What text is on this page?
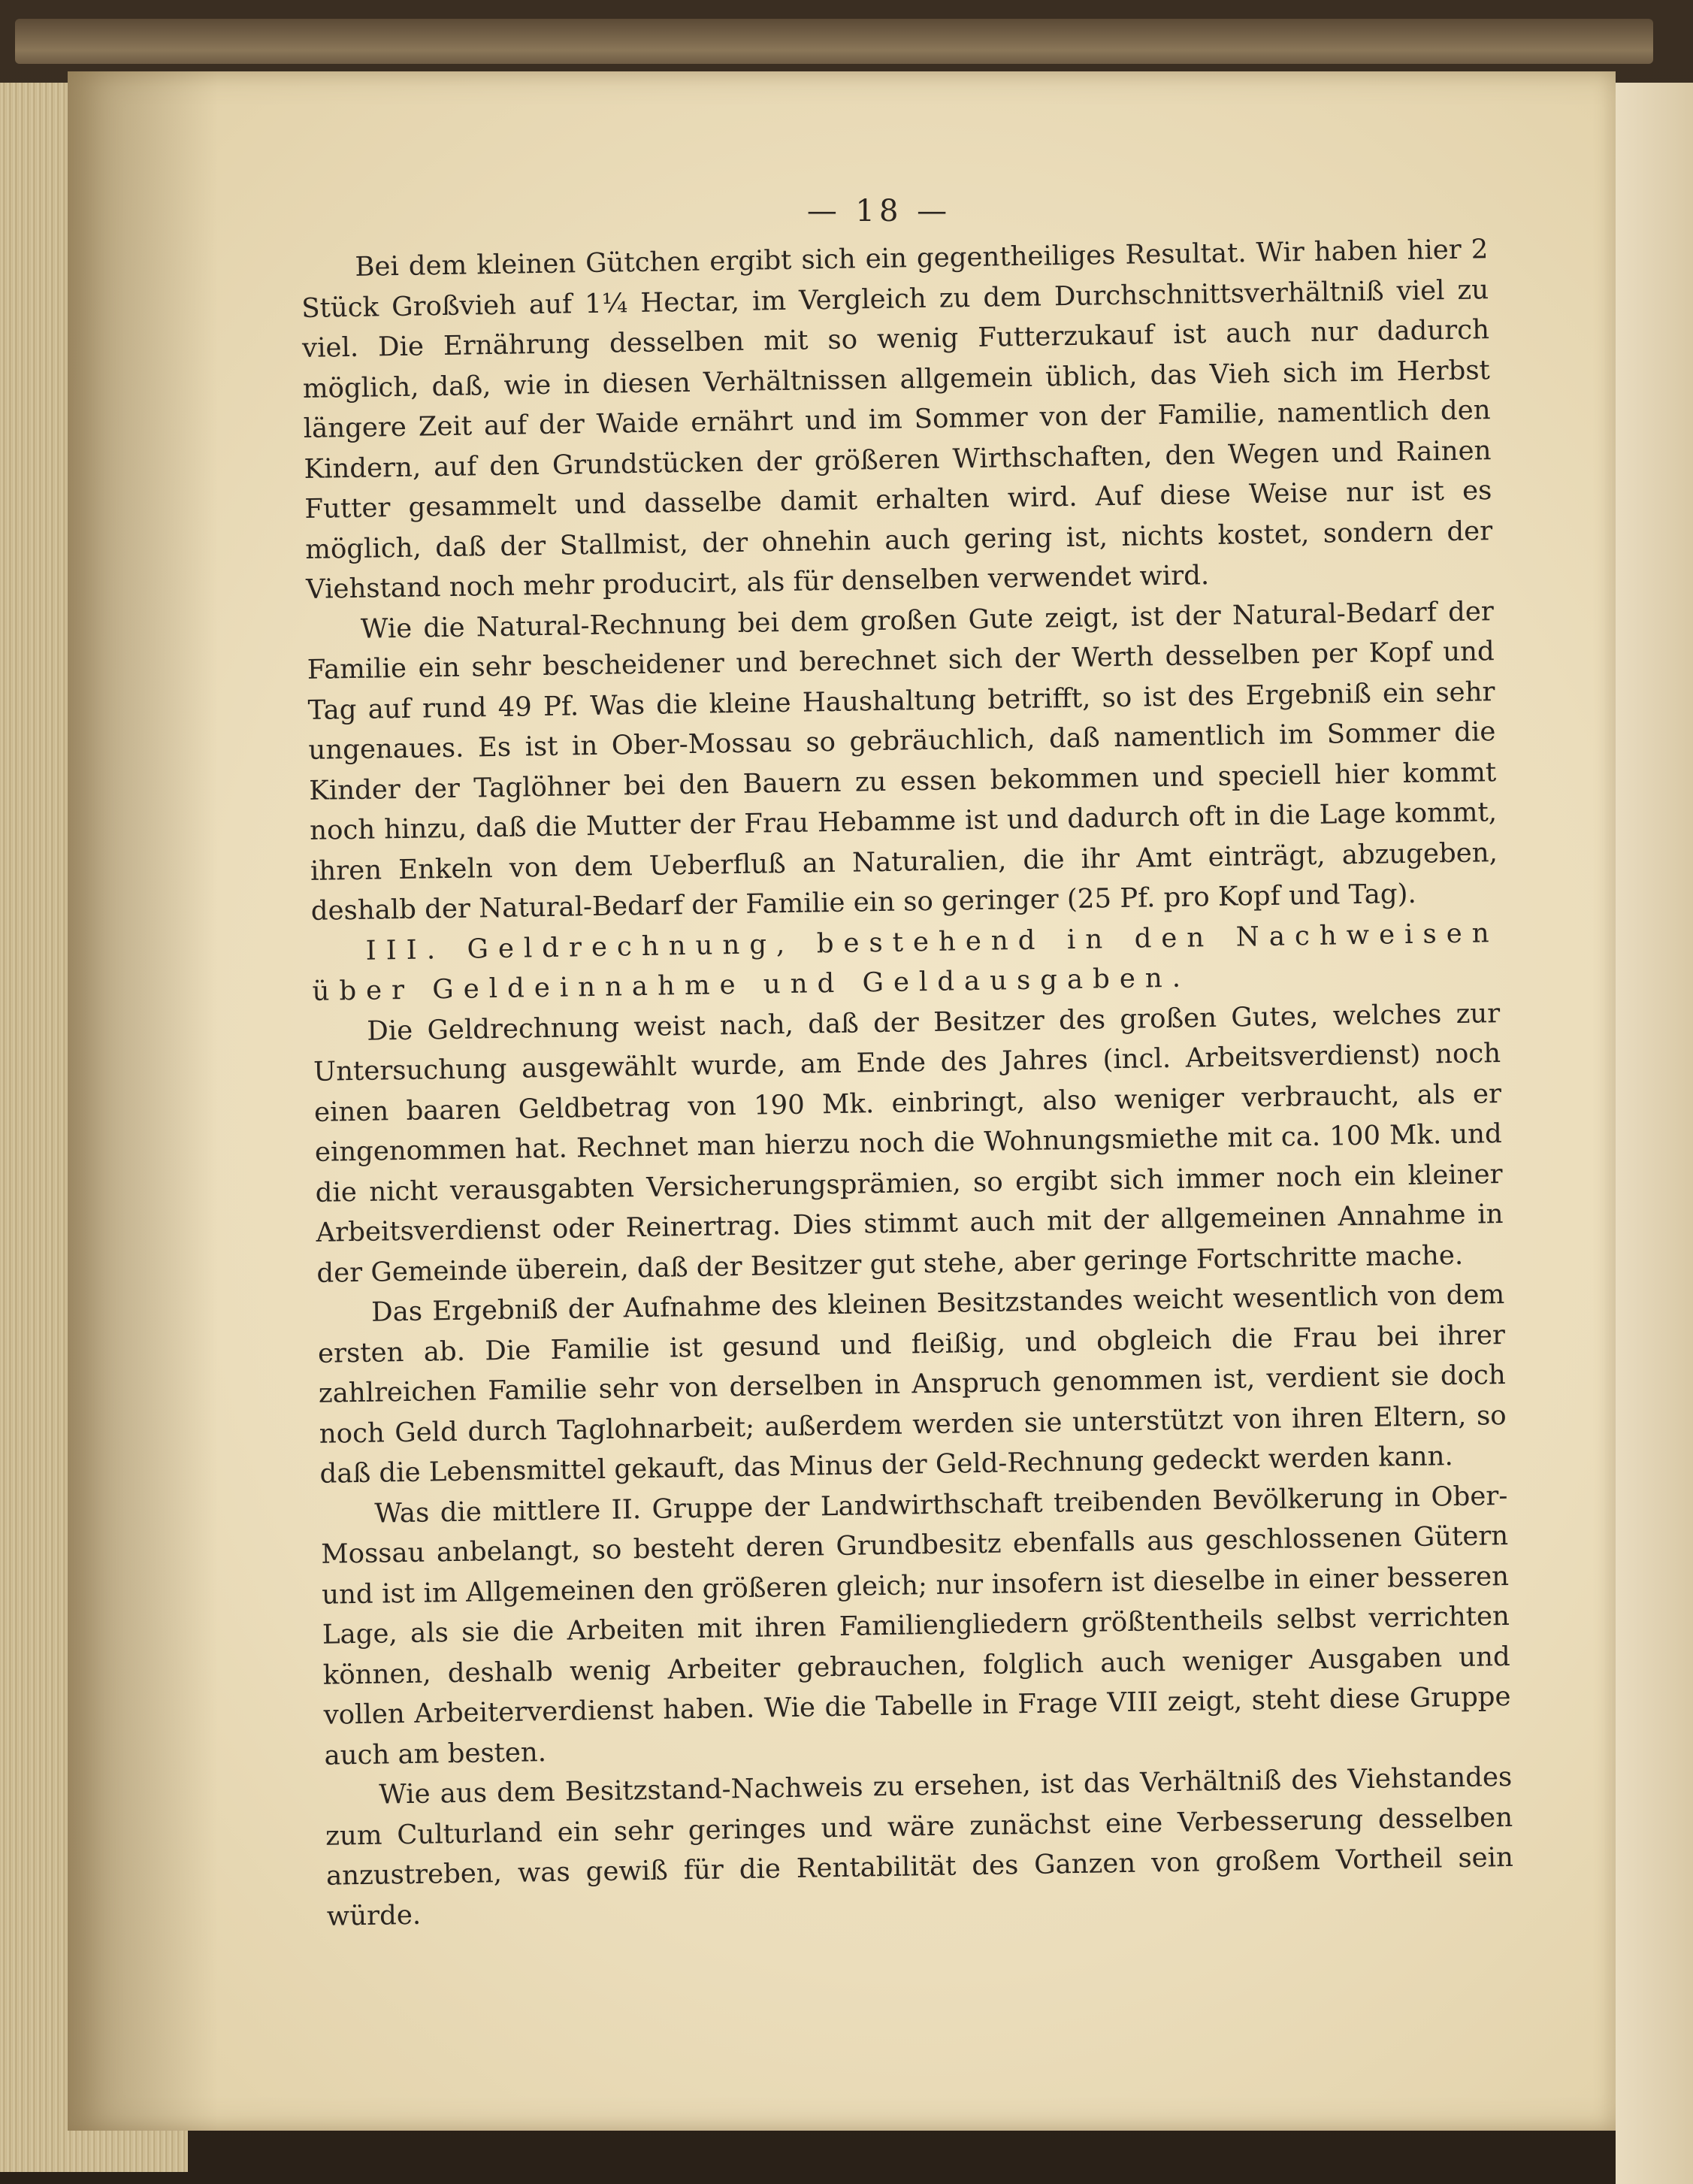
— 18 —

Bei dem kleinen Gütchen ergibt sich ein gegentheiliges Resultat. Wir haben hier 2 Stück Großvieh auf 1¼ Hectar, im Vergleich zu dem Durchschnittsverhältniß viel zu viel. Die Ernährung desselben mit so wenig Futterzukauf ist auch nur dadurch möglich, daß, wie in diesen Verhältnissen allgemein üblich, das Vieh sich im Herbst längere Zeit auf der Waide ernährt und im Sommer von der Familie, namentlich den Kindern, auf den Grundstücken der größeren Wirthschaften, den Wegen und Rainen Futter gesammelt und dasselbe damit erhalten wird. Auf diese Weise nur ist es möglich, daß der Stallmist, der ohnehin auch gering ist, nichts kostet, sondern der Viehstand noch mehr producirt, als für denselben verwendet wird.

Wie die Natural-Rechnung bei dem großen Gute zeigt, ist der Natural-Bedarf der Familie ein sehr bescheidener und berechnet sich der Werth desselben per Kopf und Tag auf rund 49 Pf. Was die kleine Haushaltung betrifft, so ist des Ergebniß ein sehr ungenaues. Es ist in Ober-Mossau so gebräuchlich, daß namentlich im Sommer die Kinder der Taglöhner bei den Bauern zu essen bekommen und speciell hier kommt noch hinzu, daß die Mutter der Frau Hebamme ist und dadurch oft in die Lage kommt, ihren Enkeln von dem Ueberfluß an Naturalien, die ihr Amt einträgt, abzugeben, deshalb der Natural-Bedarf der Familie ein so geringer (25 Pf. pro Kopf und Tag).

III. Geldrechnung, bestehend in den Nachweisen über Geldeinnahme und Geldausgaben.

Die Geldrechnung weist nach, daß der Besitzer des großen Gutes, welches zur Untersuchung ausgewählt wurde, am Ende des Jahres (incl. Arbeitsverdienst) noch einen baaren Geldbetrag von 190 Mk. einbringt, also weniger verbraucht, als er eingenommen hat. Rechnet man hierzu noch die Wohnungsmiethe mit ca. 100 Mk. und die nicht verausgabten Versicherungsprämien, so ergibt sich immer noch ein kleiner Arbeitsverdienst oder Reinertrag. Dies stimmt auch mit der allgemeinen Annahme in der Gemeinde überein, daß der Besitzer gut stehe, aber geringe Fortschritte mache.

Das Ergebniß der Aufnahme des kleinen Besitzstandes weicht wesentlich von dem ersten ab. Die Familie ist gesund und fleißig, und obgleich die Frau bei ihrer zahlreichen Familie sehr von derselben in Anspruch genommen ist, verdient sie doch noch Geld durch Taglohnarbeit; außerdem werden sie unterstützt von ihren Eltern, so daß die Lebensmittel gekauft, das Minus der Geld-Rechnung gedeckt werden kann.

Was die mittlere II. Gruppe der Landwirthschaft treibenden Bevölkerung in Ober-Mossau anbelangt, so besteht deren Grundbesitz ebenfalls aus geschlossenen Gütern und ist im Allgemeinen den größeren gleich; nur insofern ist dieselbe in einer besseren Lage, als sie die Arbeiten mit ihren Familiengliedern größtentheils selbst verrichten können, deshalb wenig Arbeiter gebrauchen, folglich auch weniger Ausgaben und vollen Arbeiterverdienst haben. Wie die Tabelle in Frage VIII zeigt, steht diese Gruppe auch am besten.

Wie aus dem Besitzstand-Nachweis zu ersehen, ist das Verhältniß des Viehstandes zum Culturland ein sehr geringes und wäre zunächst eine Verbesserung desselben anzustreben, was gewiß für die Rentabilität des Ganzen von großem Vortheil sein würde.
